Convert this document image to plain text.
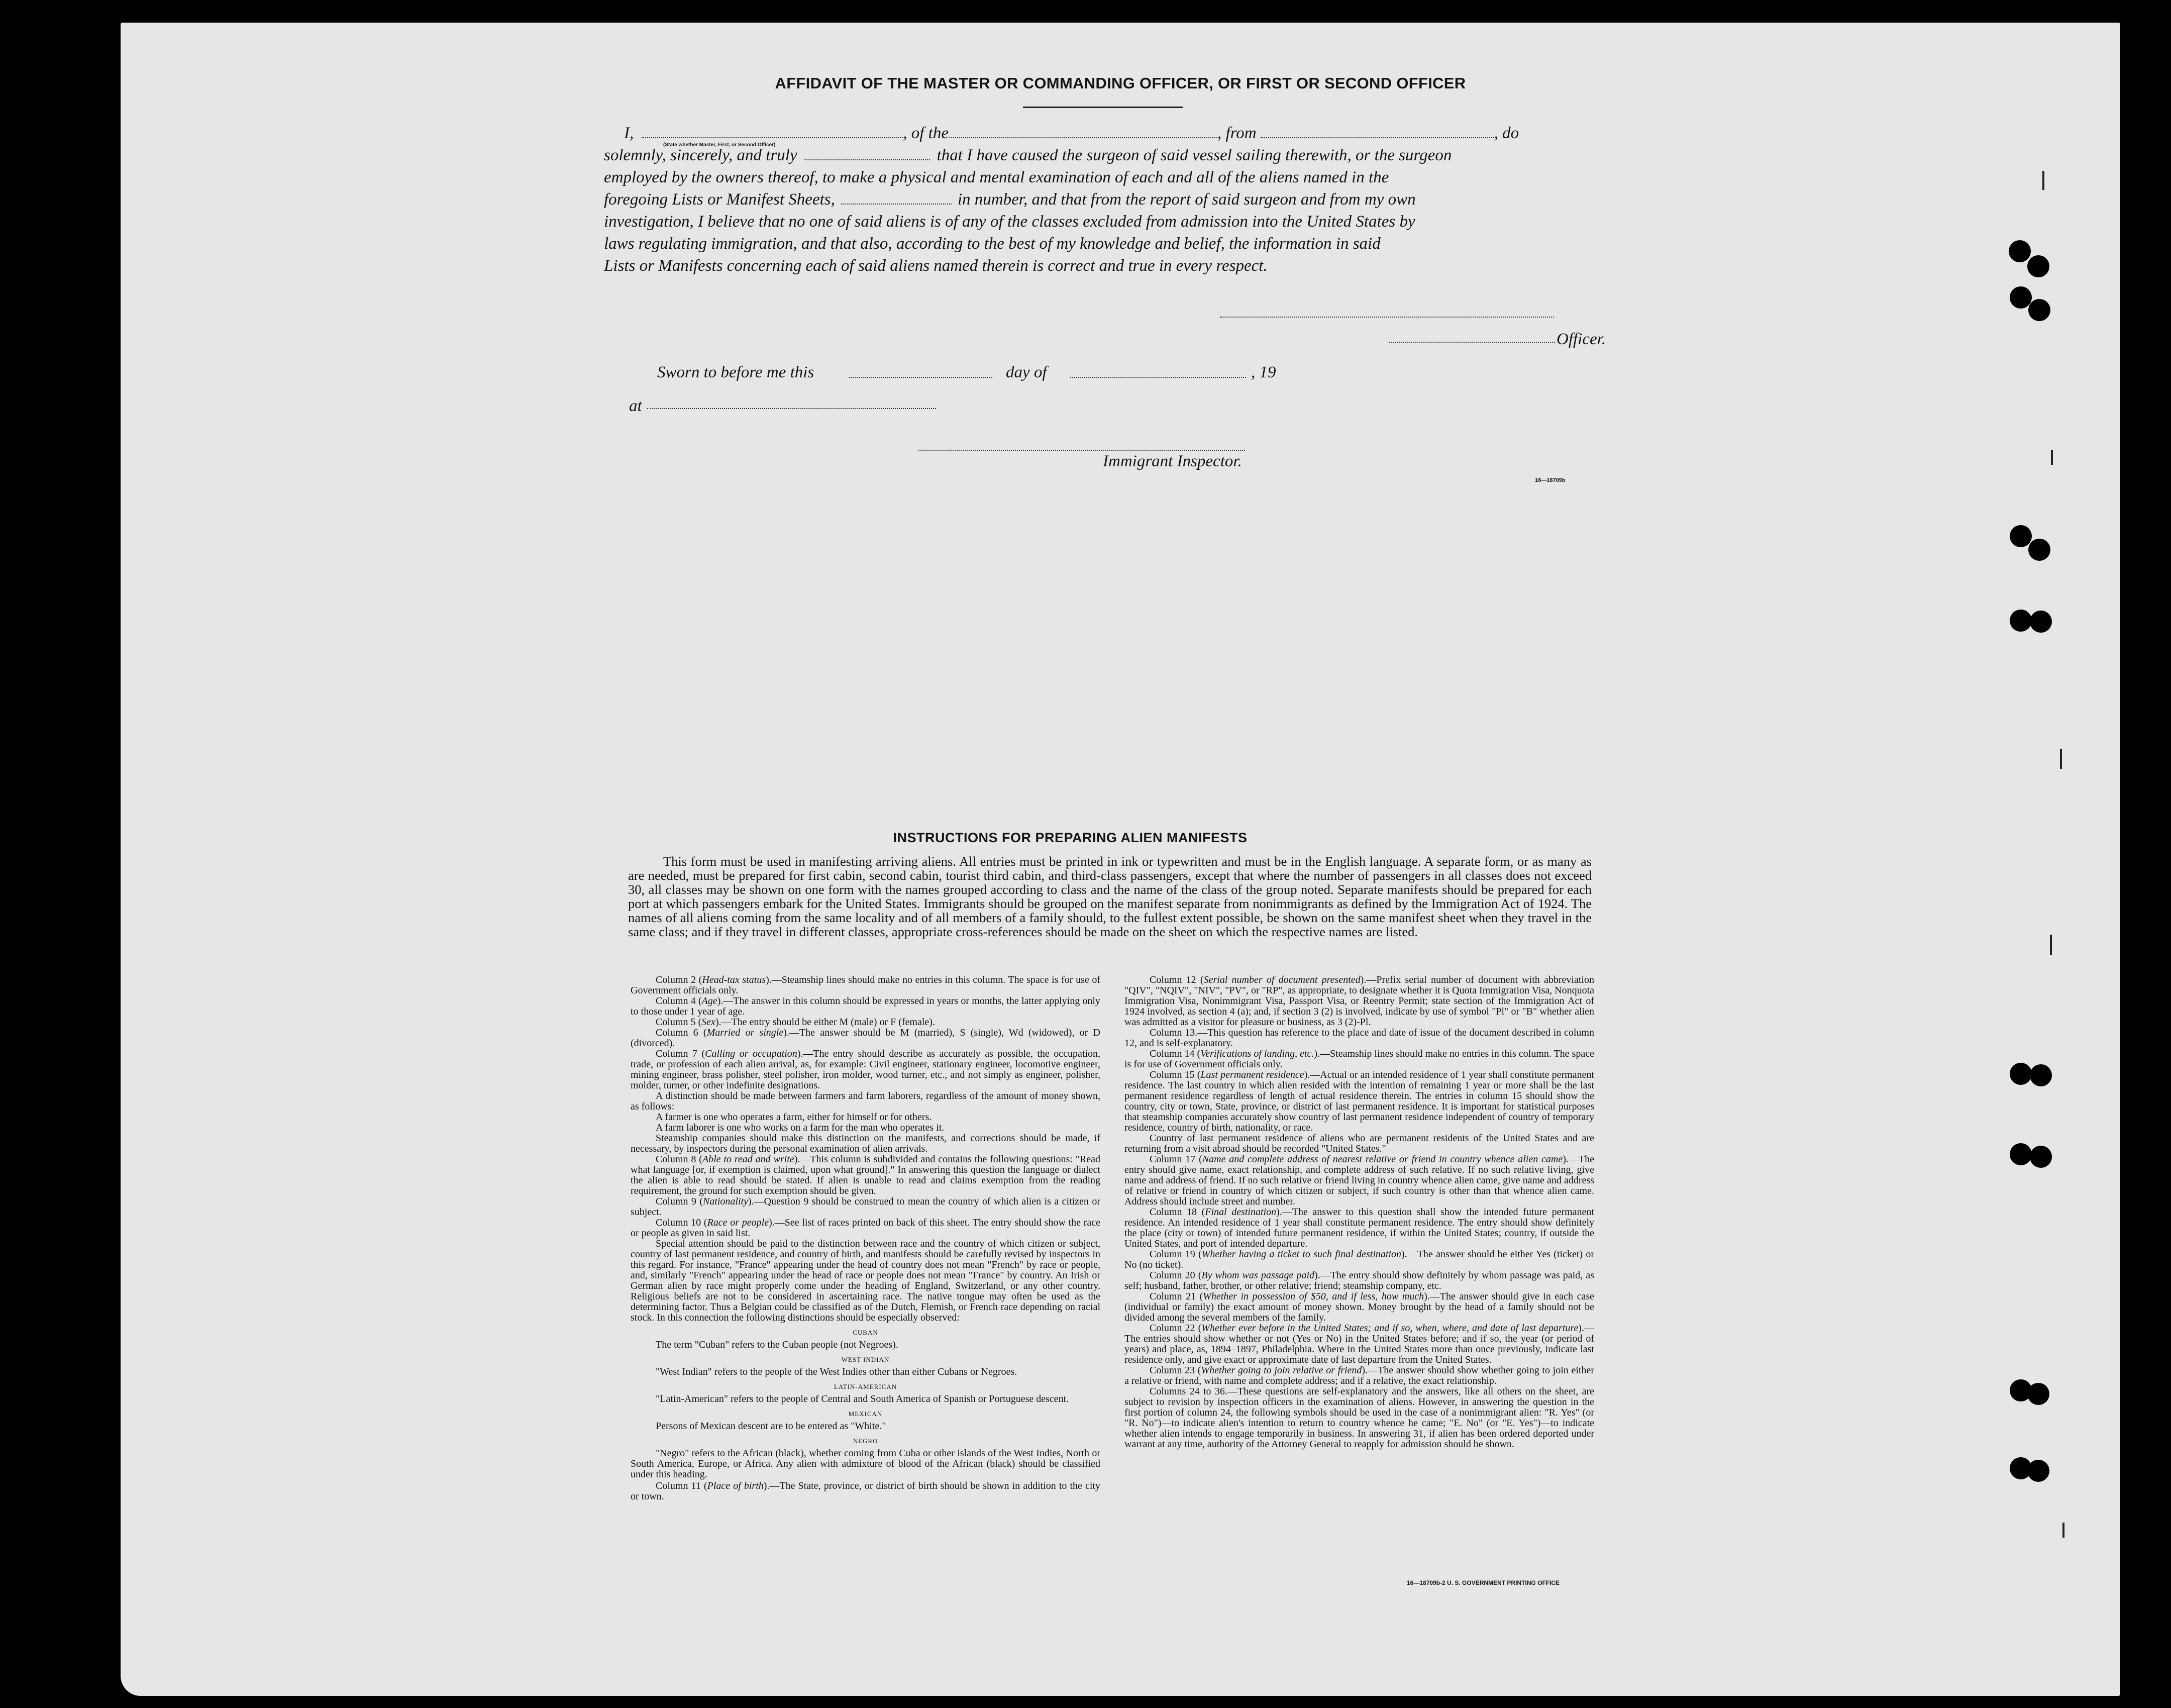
AFFIDAVIT OF THE MASTER OR COMMANDING OFFICER, OR FIRST OR SECOND OFFICER
I,	, of the	, from	, do
(State whether Master, First, or Second Officer)
solemnly, sincerely, and truly	that I have caused the surgeon of said vessel sailing therewith, or the surgeon
employed by the owners thereof, to make a physical and mental examination of each and all of the aliens named in the
foregoing Lists or Manifest Sheets,	in number, and that from the report of said surgeon and from my own
investigation, I believe that no one of said aliens is of any of the classes excluded from admission into the United States by
laws regulating immigration, and that also, according to the best of my knowledge and belief, the information in said
Lists or Manifests concerning each of said aliens named therein is correct and true in every respect.
Officer.
Sworn to before me this	day of	, 19
at
Immigrant Inspector.
16—18709b
INSTRUCTIONS FOR PREPARING ALIEN MANIFESTS
This form must be used in manifesting arriving aliens. All entries must be printed in ink or typewritten and must be in the English language. A separate form, or as many as are needed, must be prepared for first cabin, second cabin, tourist third cabin, and third-class passengers, except that where the number of passengers in all classes does not exceed 30, all classes may be shown on one form with the names grouped according to class and the name of the class of the group noted. Separate manifests should be prepared for each port at which passengers embark for the United States. Immigrants should be grouped on the manifest separate from nonimmigrants as defined by the Immigration Act of 1924. The names of all aliens coming from the same locality and of all members of a family should, to the fullest extent possible, be shown on the same manifest sheet when they travel in the same class; and if they travel in different classes, appropriate cross-references should be made on the sheet on which the respective names are listed.

Column 2 (Head-tax status).—Steamship lines should make no entries in this column. The space is for use of Government officials only.

Column 4 (Age).—The answer in this column should be expressed in years or months, the latter applying only to those under 1 year of age.

Column 5 (Sex).—The entry should be either M (male) or F (female).

Column 6 (Married or single).—The answer should be M (married), S (single), Wd (widowed), or D (divorced).

Column 7 (Calling or occupation).—The entry should describe as accurately as possible, the occupation, trade, or profession of each alien arrival, as, for example: Civil engineer, stationary engineer, locomotive engineer, mining engineer, brass polisher, steel polisher, iron molder, wood turner, etc., and not simply as engineer, polisher, molder, turner, or other indefinite designations.

A distinction should be made between farmers and farm laborers, regardless of the amount of money shown, as follows:

A farmer is one who operates a farm, either for himself or for others.

A farm laborer is one who works on a farm for the man who operates it.

Steamship companies should make this distinction on the manifests, and corrections should be made, if necessary, by inspectors during the personal examination of alien arrivals.

Column 8 (Able to read and write).—This column is subdivided and contains the following questions: "Read what language [or, if exemption is claimed, upon what ground]." In answering this question the language or dialect the alien is able to read should be stated. If alien is unable to read and claims exemption from the reading requirement, the ground for such exemption should be given.

Column 9 (Nationality).—Question 9 should be construed to mean the country of which alien is a citizen or subject.

Column 10 (Race or people).—See list of races printed on back of this sheet. The entry should show the race or people as given in said list.

Special attention should be paid to the distinction between race and the country of which citizen or subject, country of last permanent residence, and country of birth, and manifests should be carefully revised by inspectors in this regard. For instance, "France" appearing under the head of country does not mean "French" by race or people, and, similarly "French" appearing under the head of race or people does not mean "France" by country. An Irish or German alien by race might properly come under the heading of England, Switzerland, or any other country. Religious beliefs are not to be considered in ascertaining race. The native tongue may often be used as the determining factor. Thus a Belgian could be classified as of the Dutch, Flemish, or French race depending on racial stock. In this connection the following distinctions should be especially observed:

CUBAN

The term "Cuban" refers to the Cuban people (not Negroes).

WEST INDIAN

"West Indian" refers to the people of the West Indies other than either Cubans or Negroes.

LATIN-AMERICAN

"Latin-American" refers to the people of Central and South America of Spanish or Portuguese descent.

MEXICAN

Persons of Mexican descent are to be entered as "White."

NEGRO

"Negro" refers to the African (black), whether coming from Cuba or other islands of the West Indies, North or South America, Europe, or Africa. Any alien with admixture of blood of the African (black) should be classified under this heading.

Column 11 (Place of birth).—The State, province, or district of birth should be shown in addition to the city or town.

Column 12 (Serial number of document presented).—Prefix serial number of document with abbreviation "QIV", "NQIV", "NIV", "PV", or "RP", as appropriate, to designate whether it is Quota Immigration Visa, Nonquota Immigration Visa, Nonimmigrant Visa, Passport Visa, or Reentry Permit; state section of the Immigration Act of 1924 involved, as section 4 (a); and, if section 3 (2) is involved, indicate by use of symbol "Pl" or "B" whether alien was admitted as a visitor for pleasure or business, as 3 (2)-Pl.

Column 13.—This question has reference to the place and date of issue of the document described in column 12, and is self-explanatory.

Column 14 (Verifications of landing, etc.).—Steamship lines should make no entries in this column. The space is for use of Government officials only.

Column 15 (Last permanent residence).—Actual or an intended residence of 1 year shall constitute permanent residence. The last country in which alien resided with the intention of remaining 1 year or more shall be the last permanent residence regardless of length of actual residence therein. The entries in column 15 should show the country, city or town, State, province, or district of last permanent residence. It is important for statistical purposes that steamship companies accurately show country of last permanent residence independent of country of temporary residence, country of birth, nationality, or race.

Country of last permanent residence of aliens who are permanent residents of the United States and are returning from a visit abroad should be recorded "United States."

Column 17 (Name and complete address of nearest relative or friend in country whence alien came).—The entry should give name, exact relationship, and complete address of such relative. If no such relative living, give name and address of friend. If no such relative or friend living in country whence alien came, give name and address of relative or friend in country of which citizen or subject, if such country is other than that whence alien came. Address should include street and number.

Column 18 (Final destination).—The answer to this question shall show the intended future permanent residence. An intended residence of 1 year shall constitute permanent residence. The entry should show definitely the place (city or town) of intended future permanent residence, if within the United States; country, if outside the United States, and port of intended departure.

Column 19 (Whether having a ticket to such final destination).—The answer should be either Yes (ticket) or No (no ticket).

Column 20 (By whom was passage paid).—The entry should show definitely by whom passage was paid, as self; husband, father, brother, or other relative; friend; steamship company, etc.

Column 21 (Whether in possession of $50, and if less, how much).—The answer should give in each case (individual or family) the exact amount of money shown. Money brought by the head of a family should not be divided among the several members of the family.

Column 22 (Whether ever before in the United States; and if so, when, where, and date of last departure).—The entries should show whether or not (Yes or No) in the United States before; and if so, the year (or period of years) and place, as, 1894–1897, Philadelphia. Where in the United States more than once previously, indicate last residence only, and give exact or approximate date of last departure from the United States.

Column 23 (Whether going to join relative or friend).—The answer should show whether going to join either a relative or friend, with name and complete address; and if a relative, the exact relationship.

Columns 24 to 36.—These questions are self-explanatory and the answers, like all others on the sheet, are subject to revision by inspection officers in the examination of aliens. However, in answering the question in the first portion of column 24, the following symbols should be used in the case of a nonimmigrant alien: "R. Yes" (or "R. No")—to indicate alien's intention to return to country whence he came; "E. No" (or "E. Yes")—to indicate whether alien intends to engage temporarily in business. In answering 31, if alien has been ordered deported under warrant at any time, authority of the Attorney General to reapply for admission should be shown.

16—18709b-2 U. S. GOVERNMENT PRINTING OFFICE
